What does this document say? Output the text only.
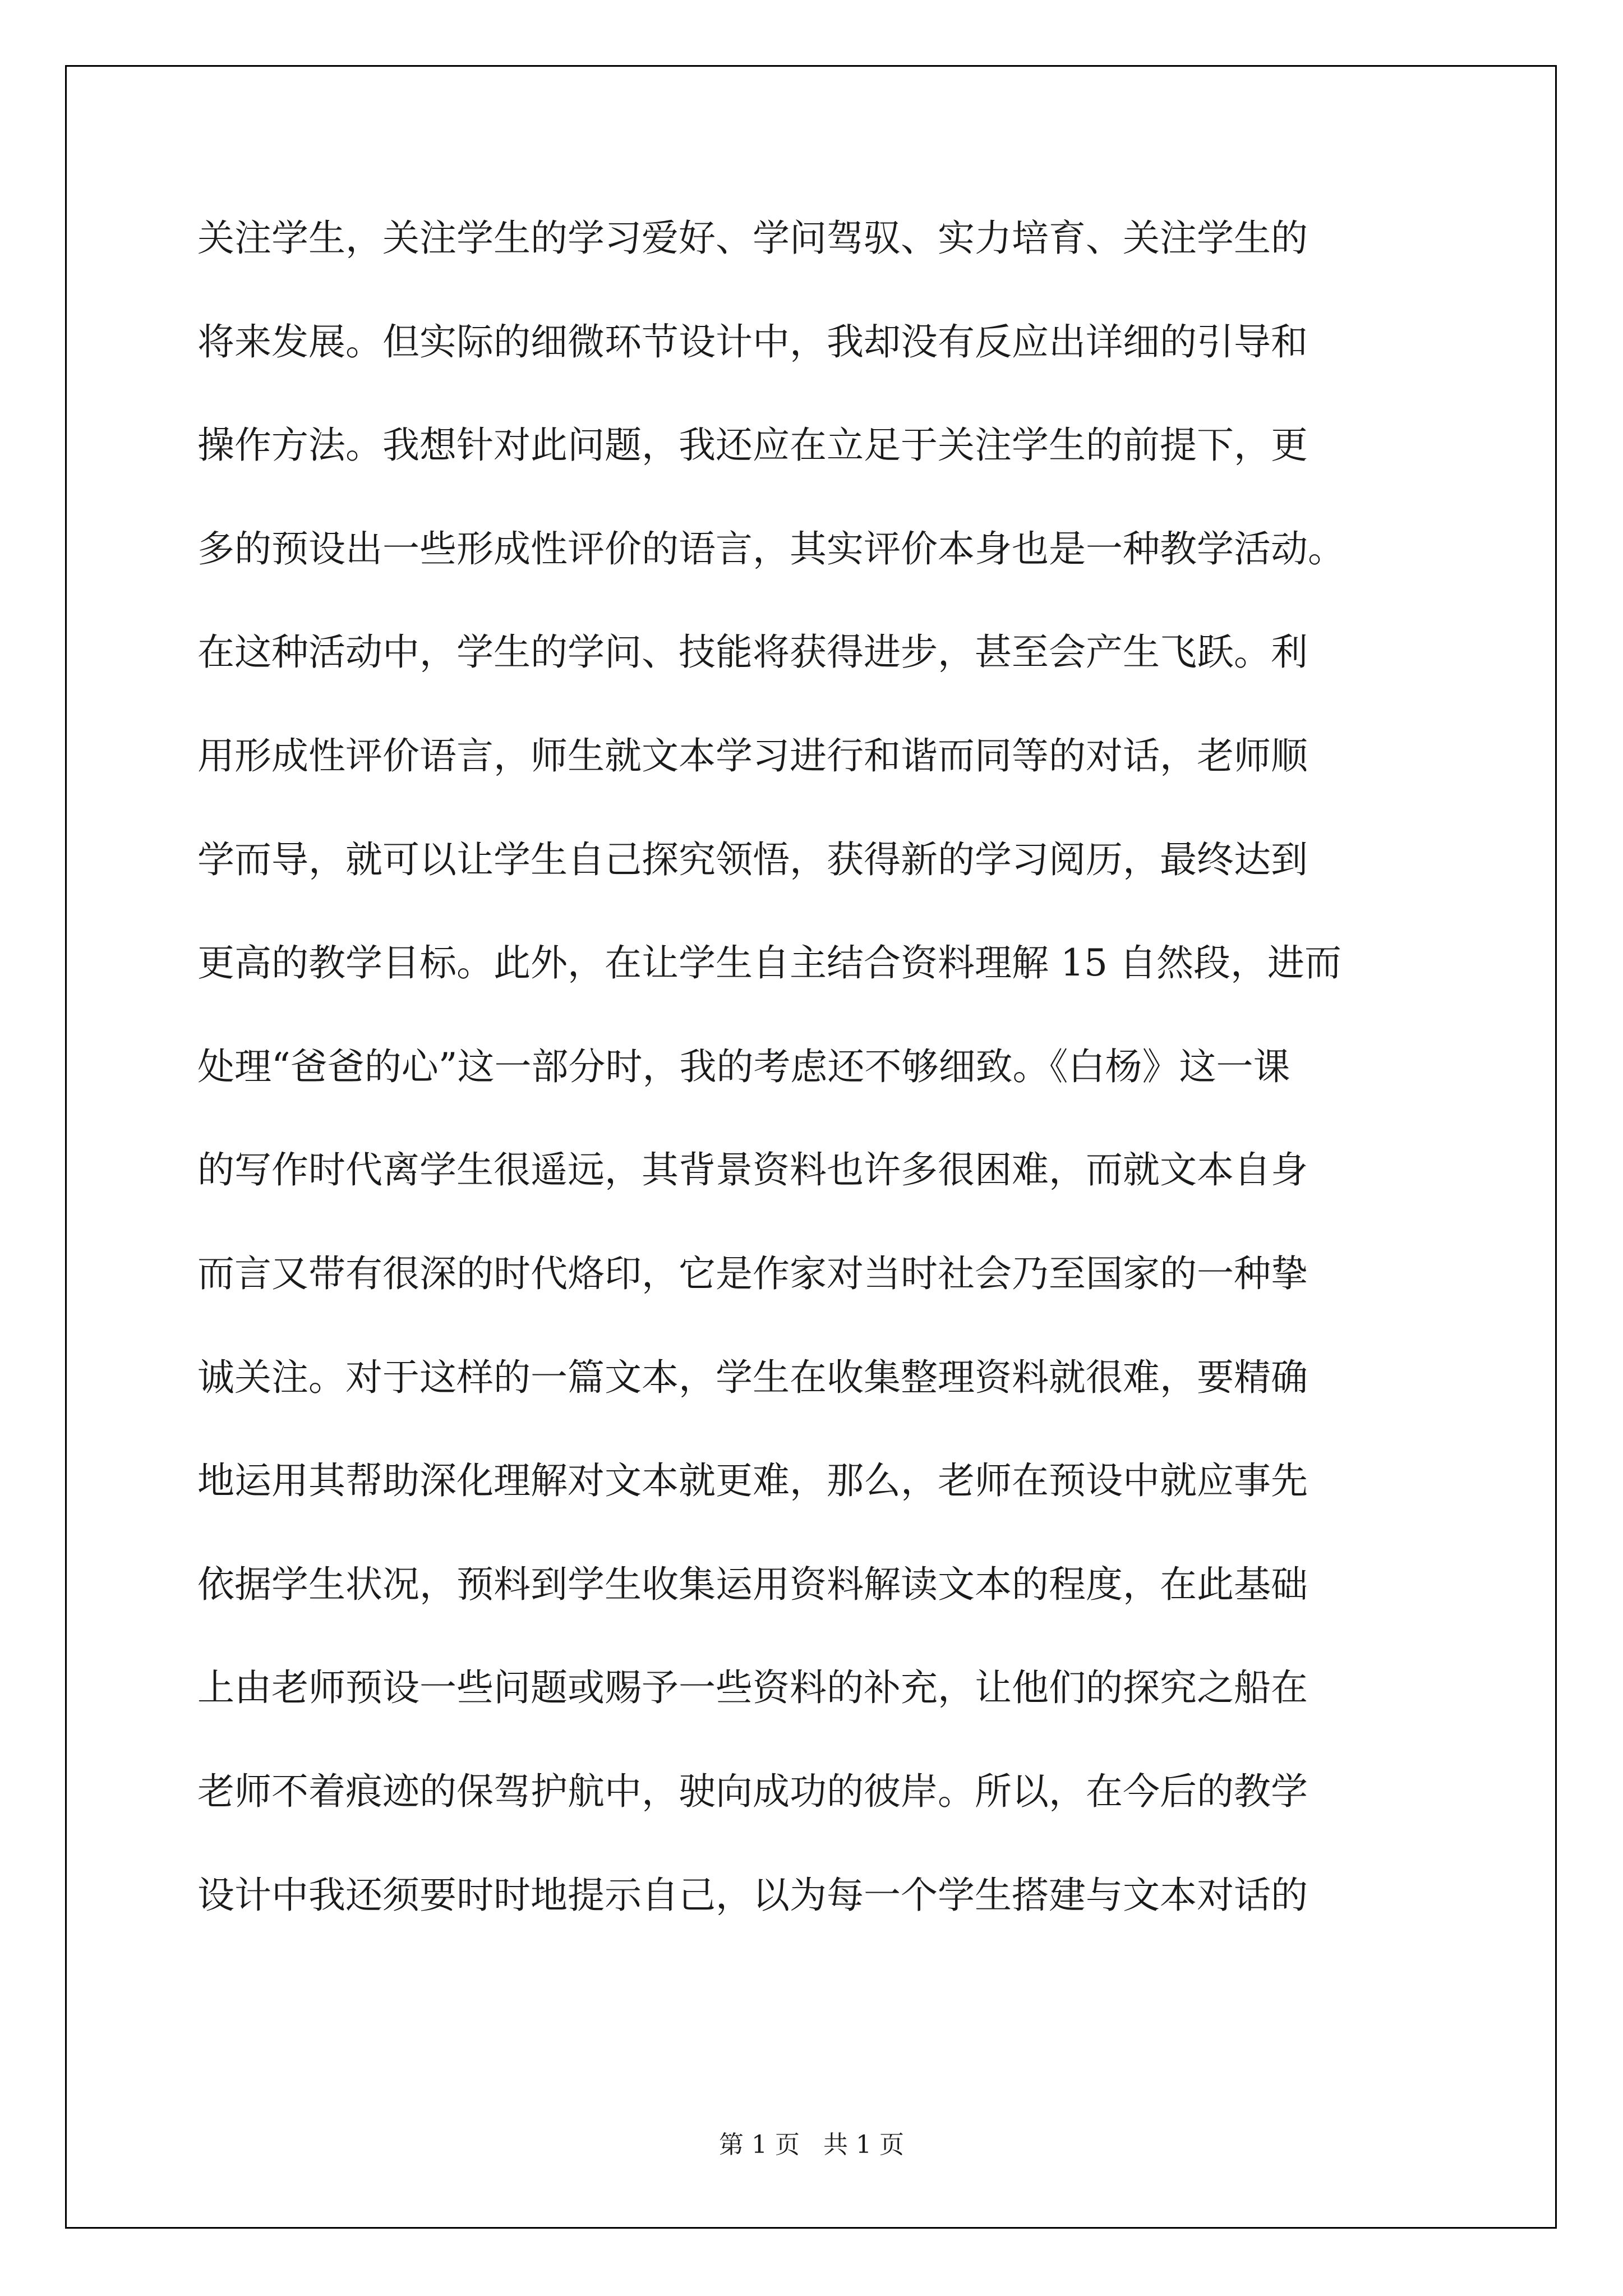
关注学生，关注学生的学习爱好、学问驾驭、实力培育、关注学生的
将来发展。但实际的细微环节设计中，我却没有反应出详细的引导和
操作方法。我想针对此问题，我还应在立足于关注学生的前提下，更
多的预设出一些形成性评价的语言，其实评价本身也是一种教学活动。
在这种活动中，学生的学问、技能将获得进步，甚至会产生飞跃。利
用形成性评价语言，师生就文本学习进行和谐而同等的对话，老师顺
学而导，就可以让学生自己探究领悟，获得新的学习阅历，最终达到
更高的教学目标。此外，在让学生自主结合资料理解 15 自然段，进而
处理“爸爸的心”这一部分时，我的考虑还不够细致。《白杨》这一课
的写作时代离学生很遥远，其背景资料也许多很困难，而就文本自身
而言又带有很深的时代烙印，它是作家对当时社会乃至国家的一种挚
诚关注。对于这样的一篇文本，学生在收集整理资料就很难，要精确
地运用其帮助深化理解对文本就更难，那么，老师在预设中就应事先
依据学生状况，预料到学生收集运用资料解读文本的程度，在此基础
上由老师预设一些问题或赐予一些资料的补充，让他们的探究之船在
老师不着痕迹的保驾护航中，驶向成功的彼岸。所以，在今后的教学
设计中我还须要时时地提示自己，以为每一个学生搭建与文本对话的
第 1 页   共 1 页
